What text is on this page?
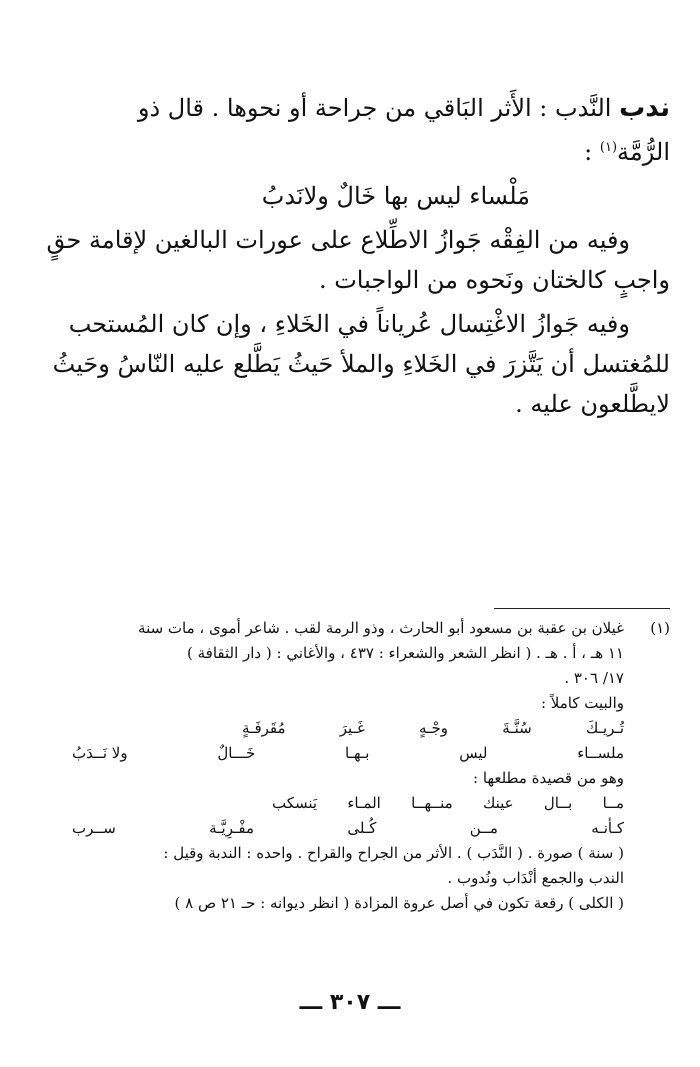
ندب النَّدب : الأَثر البَاقي من جراحة أو نحوها . قال ذو
الرُّمَّة$^{(١)}$ :
مَلْساء ليس بها خَالٌ ولانَدبُ
وفيه من الفِقْه جَوازُ الاطِّلاع على عورات البالغين لإقامة حقٍ
واجبٍ كالختان ونَحوه من الواجبات .
وفيه جَوازُ الاغْتِسال عُرياناً في الخَلاءِ ، وإن كان المُستحب
للمُغتسل أن يَتَّزرَ في الخَلاءِ والملأ حَيثُ يَطَّلع عليه النّاسُ وحَيثُ
لايطَّلعون عليه .
(١)
غيلان بن عقبة بن مسعود أبو الحارث ، وذو الرمة لقب . شاعر أموى ، مات سنة
١١ هـ ، أ . هـ . ( انظر الشعر والشعراء : ٤٣٧ ، والأغاني : ( دار الثقافة )
١٧/ ٣٠٦ .
والبيت كاملاً :
تُـريـكَ
سُنَّـةَ
وجْـهٍ
غَـيرَ
مُقَرفَـةٍ
ملســاء
ليس
بـهـا
خَـــالٌ
ولا نَــدَبُ
وهو من قصيدة مطلعها :
مــا
بــال
عينك
منــهــا
المـاء
يَنسكب
كـأنـه
مــن
كُـلى
مفْـرِيَّـة
ســرب
( سنة ) صورة . ( النَّدَب ) . الأثر من الجراح والقراح . واحده : الندبة وقيل :
الندب والجمع أنْدَاب ونُدوب .
( الكلى ) رقعة تكون في أصل عروة المزادة ( انظر ديوانه : حـ ٢١ ص ٨ )
ـــ ٣٠٧ ـــ
